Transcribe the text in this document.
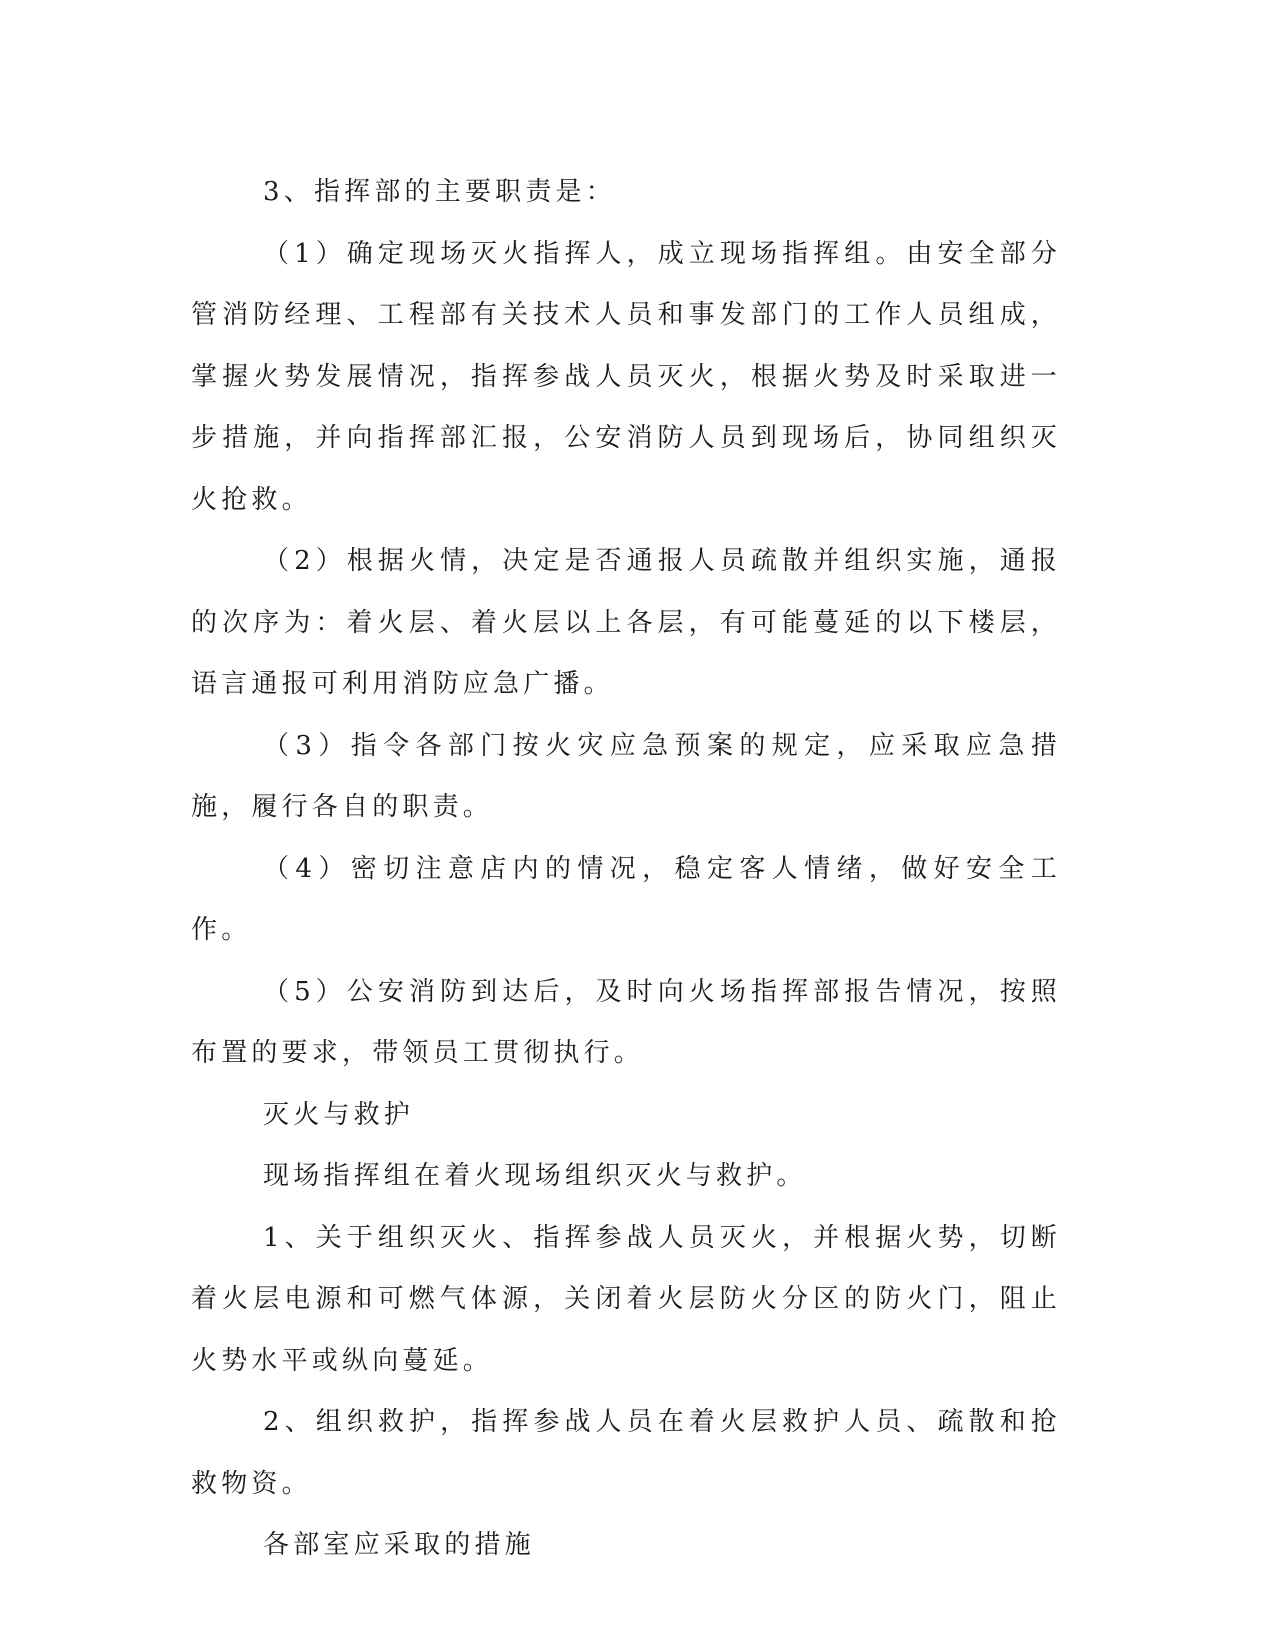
3、指挥部的主要职责是：

（1）确定现场灭火指挥人，成立现场指挥组。由安全部分管消防经理、工程部有关技术人员和事发部门的工作人员组成，掌握火势发展情况，指挥参战人员灭火，根据火势及时采取进一步措施，并向指挥部汇报，公安消防人员到现场后，协同组织灭火抢救。

（2）根据火情，决定是否通报人员疏散并组织实施，通报的次序为：着火层、着火层以上各层，有可能蔓延的以下楼层，语言通报可利用消防应急广播。

（3）指令各部门按火灾应急预案的规定，应采取应急措施，履行各自的职责。

（4）密切注意店内的情况，稳定客人情绪，做好安全工作。

（5）公安消防到达后，及时向火场指挥部报告情况，按照布置的要求，带领员工贯彻执行。

灭火与救护

现场指挥组在着火现场组织灭火与救护。

1、关于组织灭火、指挥参战人员灭火，并根据火势，切断着火层电源和可燃气体源，关闭着火层防火分区的防火门，阻止火势水平或纵向蔓延。

2、组织救护，指挥参战人员在着火层救护人员、疏散和抢救物资。

各部室应采取的措施
